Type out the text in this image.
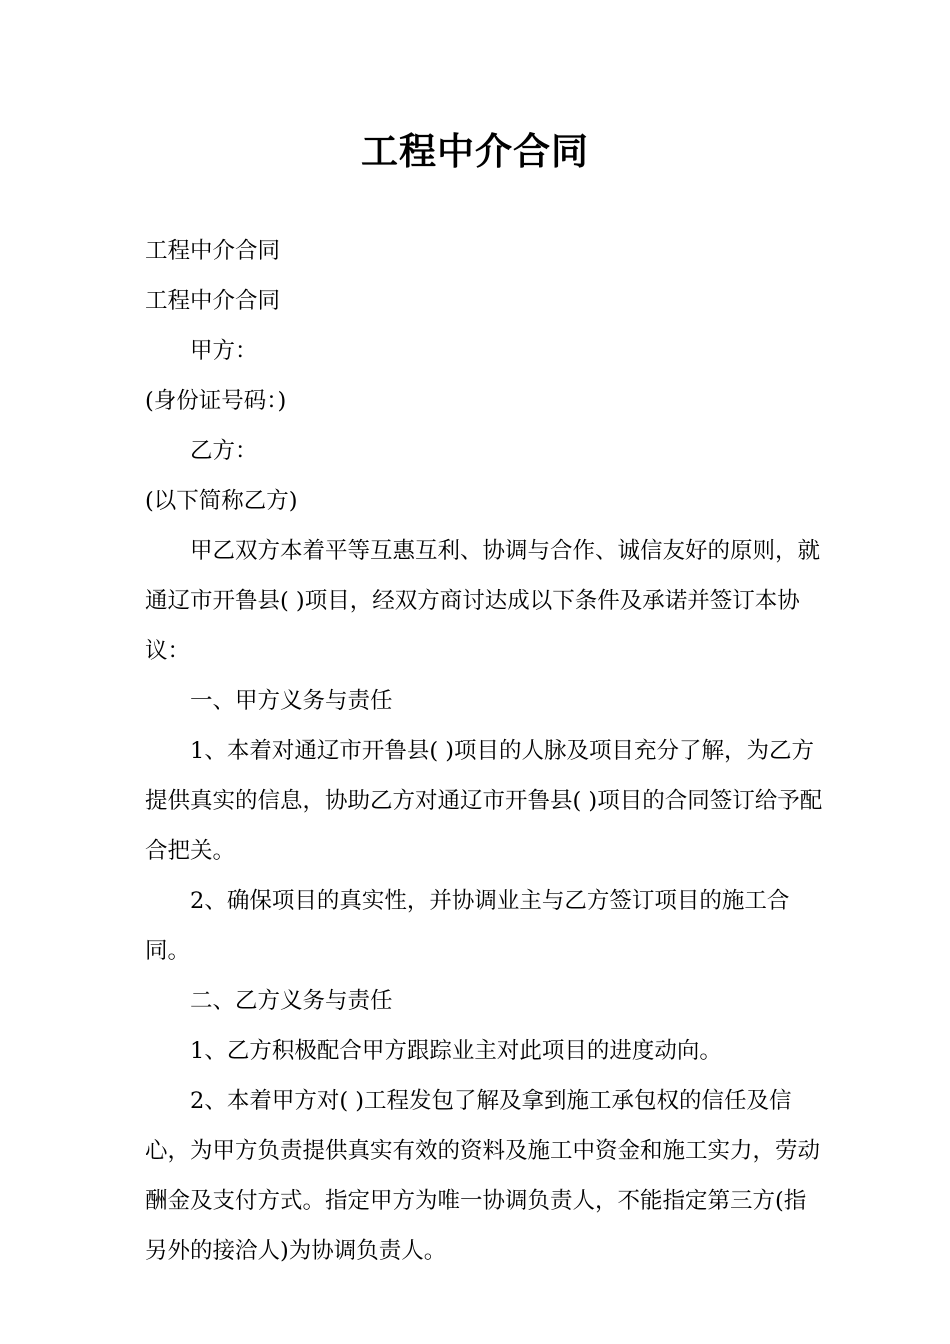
工程中介合同

工程中介合同

工程中介合同

甲方：

(身份证号码：)

乙方：

(以下简称乙方)

甲乙双方本着平等互惠互利、协调与合作、诚信友好的原则，就通辽市开鲁县( )项目，经双方商讨达成以下条件及承诺并签订本协议：

一、甲方义务与责任

1、本着对通辽市开鲁县( )项目的人脉及项目充分了解，为乙方提供真实的信息，协助乙方对通辽市开鲁县( )项目的合同签订给予配合把关。

2、确保项目的真实性，并协调业主与乙方签订项目的施工合同。

二、乙方义务与责任

1、乙方积极配合甲方跟踪业主对此项目的进度动向。

2、本着甲方对( )工程发包了解及拿到施工承包权的信任及信心，为甲方负责提供真实有效的资料及施工中资金和施工实力，劳动酬金及支付方式。指定甲方为唯一协调负责人，不能指定第三方(指另外的接洽人)为协调负责人。
